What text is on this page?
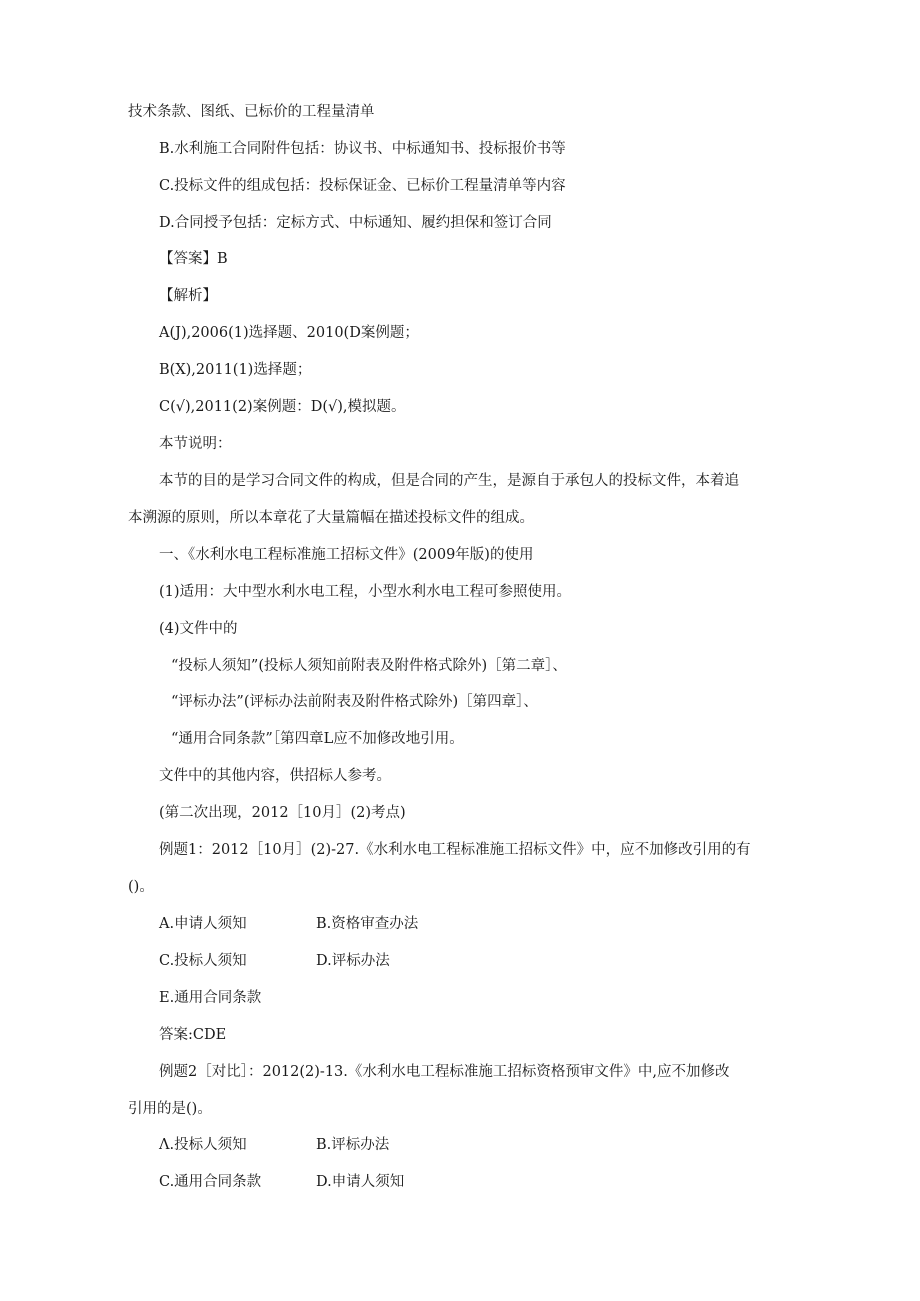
技术条款、图纸、已标价的工程量清单
B.水利施工合同附件包括：协议书、中标通知书、投标报价书等
C.投标文件的组成包括：投标保证金、已标价工程量清单等内容
D.合同授予包括：定标方式、中标通知、履约担保和签订合同
【答案】B
【解析】
A(J),2006(1)选择题、2010(D案例题；
B(X),2011(1)选择题；
C(√),2011(2)案例题：D(√),模拟题。
本节说明：
本节的目的是学习合同文件的构成，但是合同的产生，是源自于承包人的投标文件，本着追
本溯源的原则，所以本章花了大量篇幅在描述投标文件的组成。
一、《水利水电工程标准施工招标文件》(2009年版)的使用
(1)适用：大中型水利水电工程，小型水利水电工程可参照使用。
(4)文件中的
“投标人须知”(投标人须知前附表及附件格式除外)［第二章］、
“评标办法”(评标办法前附表及附件格式除外)［第四章］、
“通用合同条款”［第四章L应不加修改地引用。
文件中的其他内容，供招标人参考。
(第二次出现，2012［10月］(2)考点)
例题1：2012［10月］(2)-27.《水利水电工程标准施工招标文件》中，应不加修改引用的有
()。
A.申请人须知	B.资格审查办法
C.投标人须知	D.评标办法
E.通用合同条款
答案:CDE
例题2［对比］：2012(2)-13.《水利水电工程标准施工招标资格预审文件》中,应不加修改
引用的是()。
Λ.投标人须知	B.评标办法
C.通用合同条款	D.申请人须知
